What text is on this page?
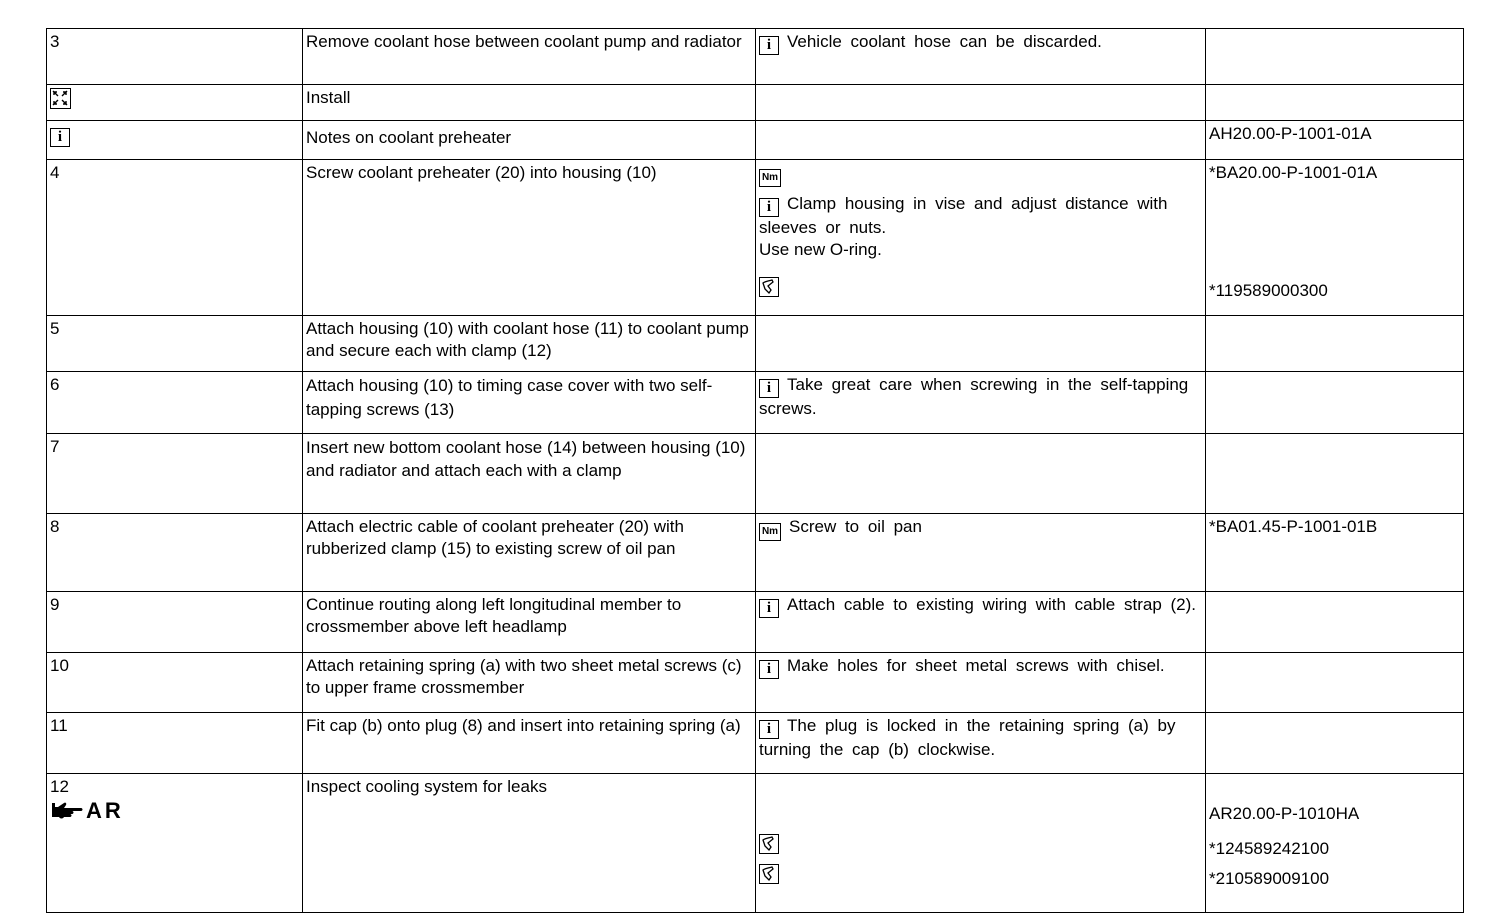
3	Remove coolant hose between coolant pump and radiator	i Vehicle coolant hose can be discarded.	
	Install		
i	Notes on coolant preheater		AH20.00-P-1001-01A
4	Screw coolant preheater (20) into housing (10)	Nm
i Clamp housing in vise and adjust distance with sleeves or nuts.
Use new O-ring.	*BA20.00-P-1001-01A
*119589000300

5	Attach housing (10) with coolant hose (11) to coolant pump and secure each with clamp (12)		
6	Attach housing (10) to timing case cover with two self-tapping screws (13)	i Take great care when screwing in the self-tapping screws.	
7	Insert new bottom coolant hose (14) between housing (10) and radiator and attach each with a clamp		
8	Attach electric cable of coolant preheater (20) with rubberized clamp (15) to existing screw of oil pan	Nm Screw to oil pan	*BA01.45-P-1001-01B
9	Continue routing along left longitudinal member to crossmember above left headlamp	i Attach cable to existing wiring with cable strap (2).	
10	Attach retaining spring (a) with two sheet metal screws (c) to upper frame crossmember	i Make holes for sheet metal screws with chisel.	
11	Fit cap (b) onto plug (8) and insert into retaining spring (a)	i The plug is locked in the retaining spring (a) by turning the cap (b) clockwise.	

12
AR	Inspect cooling system for leaks		AR20.00-P-1010HA
*124589242100
*210589009100
